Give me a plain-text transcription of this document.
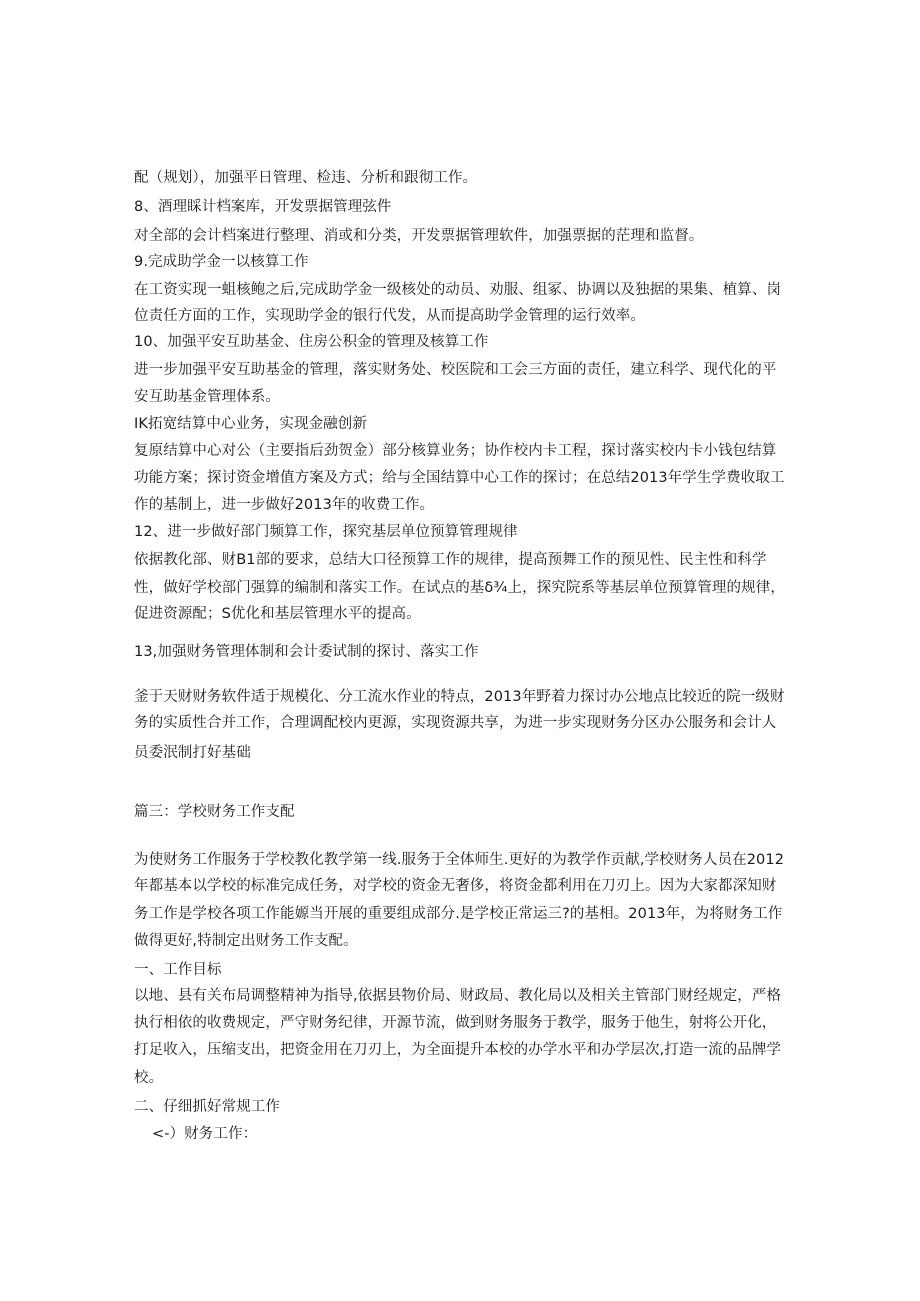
配（规划），加强平日管理、检违、分析和跟彻工作。
8、酒理睬计档案库，开发票据管理弦件
对全部的会计档案进行整理、消或和分类，开发票据管理软件，加强票据的茫理和监督。
9.完成助学金一以核算工作
在工资实现一蛆核鲍之后,完成助学金一级核处的动员、劝服、组冢、协调以及独据的果集、植算、岗
位责任方面的工作，实现助学金的银行代发，从而提高助学金管理的运行效率。
10、加强平安互助基金、住房公积金的管理及核算工作
进一步加强平安互助基金的管理，落实财务处、校医院和工会三方面的责任，建立科学、现代化的平
安互助基金管理体系。
IK拓宽结算中心业务，实现金融创新
复原结算中心对公（主要指后劲贺金）部分核算业务；协作校内卡工程，探讨落实校内卡小钱包结算
功能方案；探讨资金增值方案及方式；给与全国结算中心工作的探讨；在总结2013年学生学费收取工
作的基制上，进一步做好2013年的收费工作。
12、进一步做好部门频算工作，探究基层单位预算管理规律
依据教化部、财B1部的要求，总结大口径预算工作的规律，提高预舞工作的预见性、民主性和科学
性，做好学校部门强算的编制和落实工作。在试点的基δ¾上，探究院系等基层单位预算管理的规律，
促进资源配；S优化和基层管理水平的提高。
13,加强财务管理体制和会计委试制的探讨、落实工作
釜于天财财务软件适于规模化、分工流水作业的特点，2013年野着力探讨办公地点比较近的院一级财
务的实质性合并工作，合理调配校内更源，实现资源共享，为进一步实现财务分区办公服务和会计人
员委泯制打好基础
篇三：学校财务工作支配
为使财务工作服务于学校教化教学第一线.服务于全体师生.更好的为教学作贡献,学校财务人员在2012
年都基本以学校的标准完成任务，对学校的资金无奢侈，将资金都利用在刀刃上。因为大家都深知财
务工作是学校各项工作能嫄当开展的重要组成部分.是学校正常运三?的基相。2013年，为将财务工作
做得更好,特制定出财务工作支配。
一、工作目标
以地、县有关布局调整精神为指导,依据县物价局、财政局、教化局以及相关主管部门财经规定，严格
执行相依的收费规定，严守财务纪律，开源节流，做到财务服务于教学，服务于他生，射将公开化，
打足收入，压缩支出，把资金用在刀刃上，为全面提升本校的办学水平和办学层次,打造一流的品牌学
校。
二、仔细抓好常规工作
<-）财务工作：
